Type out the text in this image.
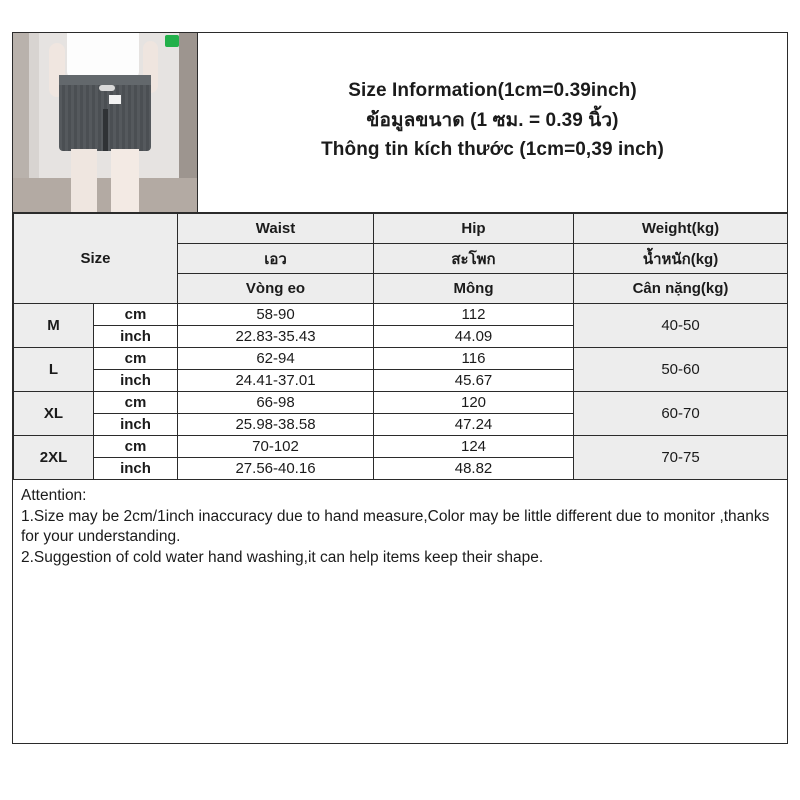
Size Information(1cm=0.39inch)
ข้อมูลขนาด (1 ซม. = 0.39 นิ้ว)
Thông tin kích thước (1cm=0,39 inch)
Size		Waist	Hip	Weight(kg)
		เอว	สะโพก	น้ำหนัก(kg)
		Vòng eo	Mông	Cân nặng(kg)
M	cm	58-90	112	40-50
	inch	22.83-35.43	44.09	
L	cm	62-94	116	50-60
	inch	24.41-37.01	45.67	
XL	cm	66-98	120	60-70
	inch	25.98-38.58	47.24	
2XL	cm	70-102	124	70-75
	inch	27.56-40.16	48.82	

Attention:

1.Size may be 2cm/1inch inaccuracy due to hand measure,Color may be little different due to monitor ,thanks for your understanding.

2.Suggestion of cold water hand washing,it can help items keep their shape.
